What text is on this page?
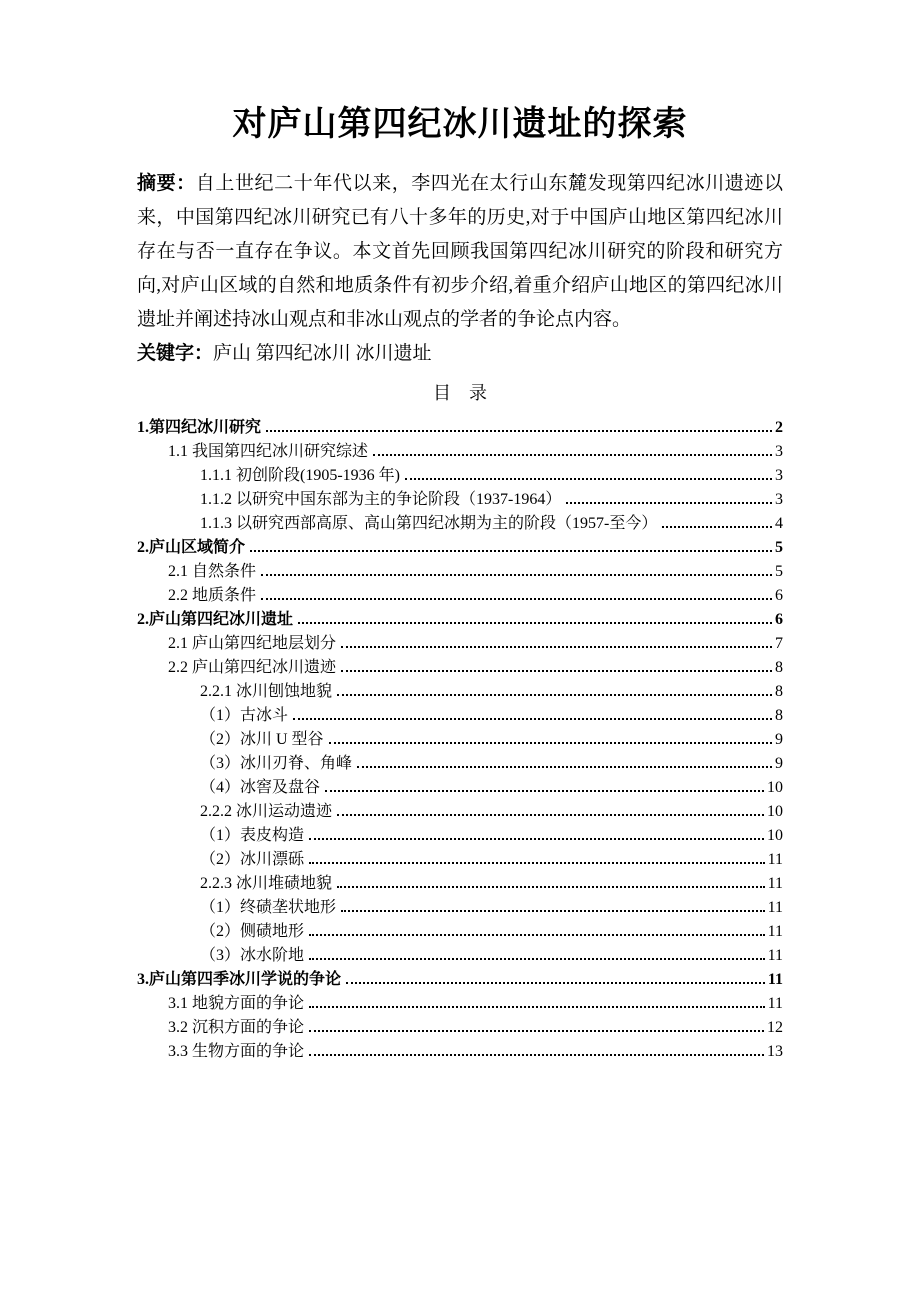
对庐山第四纪冰川遗址的探索

摘要：自上世纪二十年代以来，李四光在太行山东麓发现第四纪冰川遗迹以来，中国第四纪冰川研究已有八十多年的历史,对于中国庐山地区第四纪冰川存在与否一直存在争议。本文首先回顾我国第四纪冰川研究的阶段和研究方向,对庐山区域的自然和地质条件有初步介绍,着重介绍庐山地区的第四纪冰川遗址并阐述持冰山观点和非冰山观点的学者的争论点内容。

关键字：庐山 第四纪冰川 冰川遗址

目　录
1.第四纪冰川研究	2
1.1 我国第四纪冰川研究综述	3
1.1.1 初创阶段(1905-1936 年)	3
1.1.2 以研究中国东部为主的争论阶段（1937-1964）	3
1.1.3 以研究西部高原、高山第四纪冰期为主的阶段（1957-至今）	4
2.庐山区域简介	5
2.1 自然条件	5
2.2 地质条件	6
2.庐山第四纪冰川遗址	6
2.1 庐山第四纪地层划分	7
2.2 庐山第四纪冰川遗迹	8
2.2.1 冰川刨蚀地貌	8
（1）古冰斗	8
（2）冰川 U 型谷	9
（3）冰川刃脊、角峰	9
（4）冰窖及盘谷	10
2.2.2 冰川运动遗迹	10
（1）表皮构造	10
（2）冰川漂砾	11
2.2.3 冰川堆碛地貌	11
（1）终碛垄状地形	11
（2）侧碛地形	11
（3）冰水阶地	11
3.庐山第四季冰川学说的争论	11
3.1 地貌方面的争论	11
3.2 沉积方面的争论	12
3.3 生物方面的争论	13
